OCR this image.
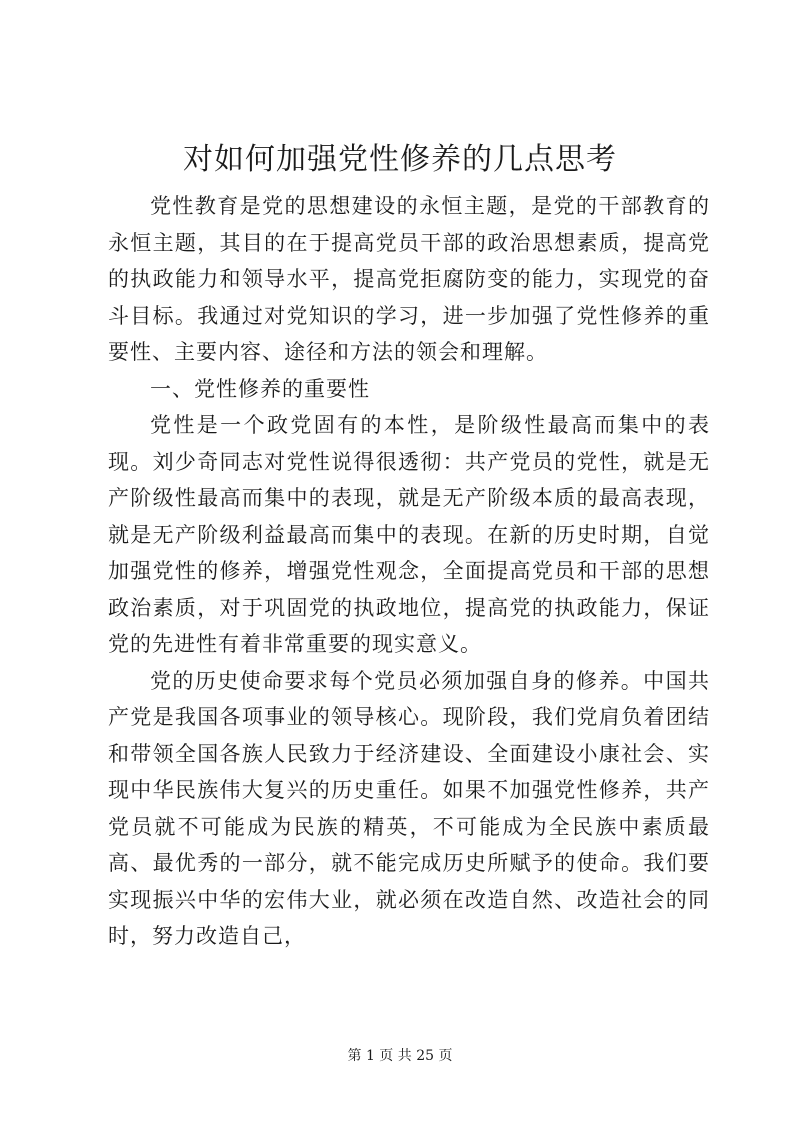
对如何加强党性修养的几点思考

党性教育是党的思想建设的永恒主题，是党的干部教育的永恒主题，其目的在于提高党员干部的政治思想素质，提高党的执政能力和领导水平，提高党拒腐防变的能力，实现党的奋斗目标。我通过对党知识的学习，进一步加强了党性修养的重要性、主要内容、途径和方法的领会和理解。

一、党性修养的重要性

党性是一个政党固有的本性，是阶级性最高而集中的表现。刘少奇同志对党性说得很透彻：共产党员的党性，就是无产阶级性最高而集中的表现，就是无产阶级本质的最高表现，就是无产阶级利益最高而集中的表现。在新的历史时期，自觉加强党性的修养，增强党性观念，全面提高党员和干部的思想政治素质，对于巩固党的执政地位，提高党的执政能力，保证党的先进性有着非常重要的现实意义。

党的历史使命要求每个党员必须加强自身的修养。中国共产党是我国各项事业的领导核心。现阶段，我们党肩负着团结和带领全国各族人民致力于经济建设、全面建设小康社会、实现中华民族伟大复兴的历史重任。如果不加强党性修养，共产党员就不可能成为民族的精英，不可能成为全民族中素质最高、最优秀的一部分，就不能完成历史所赋予的使命。我们要实现振兴中华的宏伟大业，就必须在改造自然、改造社会的同时，努力改造自己，

第 1 页 共 25 页
